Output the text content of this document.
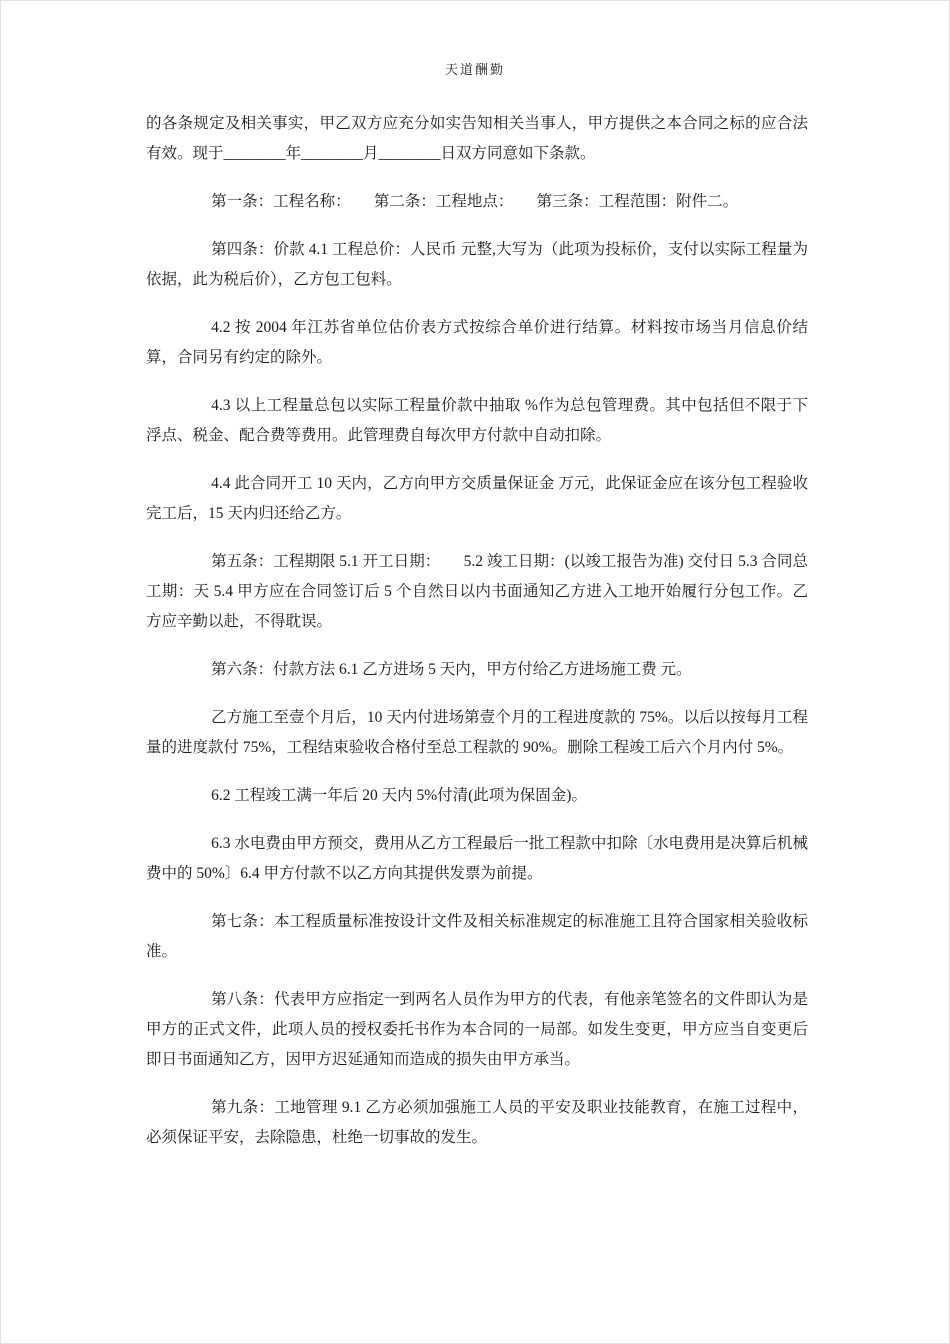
天道酬勤

的各条规定及相关事实，甲乙双方应充分如实告知相关当事人，甲方提供之本合同之标的应合法有效。现于________年________月________日双方同意如下条款。

第一条：工程名称：　　第二条：工程地点：　　第三条：工程范围：附件二。

第四条：价款 4.1 工程总价：人民币 元整,大写为（此项为投标价，支付以实际工程量为依据，此为税后价），乙方包工包料。

4.2 按 2004 年江苏省单位估价表方式按综合单价进行结算。材料按市场当月信息价结算，合同另有约定的除外。

4.3 以上工程量总包以实际工程量价款中抽取 %作为总包管理费。其中包括但不限于下浮点、税金、配合费等费用。此管理费自每次甲方付款中自动扣除。

4.4 此合同开工 10 天内，乙方向甲方交质量保证金 万元，此保证金应在该分包工程验收完工后，15 天内归还给乙方。

第五条：工程期限 5.1 开工日期：　　5.2 竣工日期：(以竣工报告为准) 交付日 5.3 合同总工期：天 5.4 甲方应在合同签订后 5 个自然日以内书面通知乙方进入工地开始履行分包工作。乙方应辛勤以赴，不得耽误。

第六条：付款方法 6.1 乙方进场 5 天内，甲方付给乙方进场施工费 元。

乙方施工至壹个月后，10 天内付进场第壹个月的工程进度款的 75%。以后以按每月工程量的进度款付 75%，工程结束验收合格付至总工程款的 90%。删除工程竣工后六个月内付 5%。

6.2 工程竣工满一年后 20 天内 5%付清(此项为保固金)。

6.3 水电费由甲方预交，费用从乙方工程最后一批工程款中扣除〔水电费用是决算后机械费中的 50%〕6.4 甲方付款不以乙方向其提供发票为前提。

第七条：本工程质量标准按设计文件及相关标准规定的标准施工且符合国家相关验收标准。

第八条：代表甲方应指定一到两名人员作为甲方的代表，有他亲笔签名的文件即认为是甲方的正式文件，此项人员的授权委托书作为本合同的一局部。如发生变更，甲方应当自变更后即日书面通知乙方，因甲方迟延通知而造成的损失由甲方承当。

第九条：工地管理 9.1 乙方必须加强施工人员的平安及职业技能教育，在施工过程中，必须保证平安，去除隐患，杜绝一切事故的发生。
